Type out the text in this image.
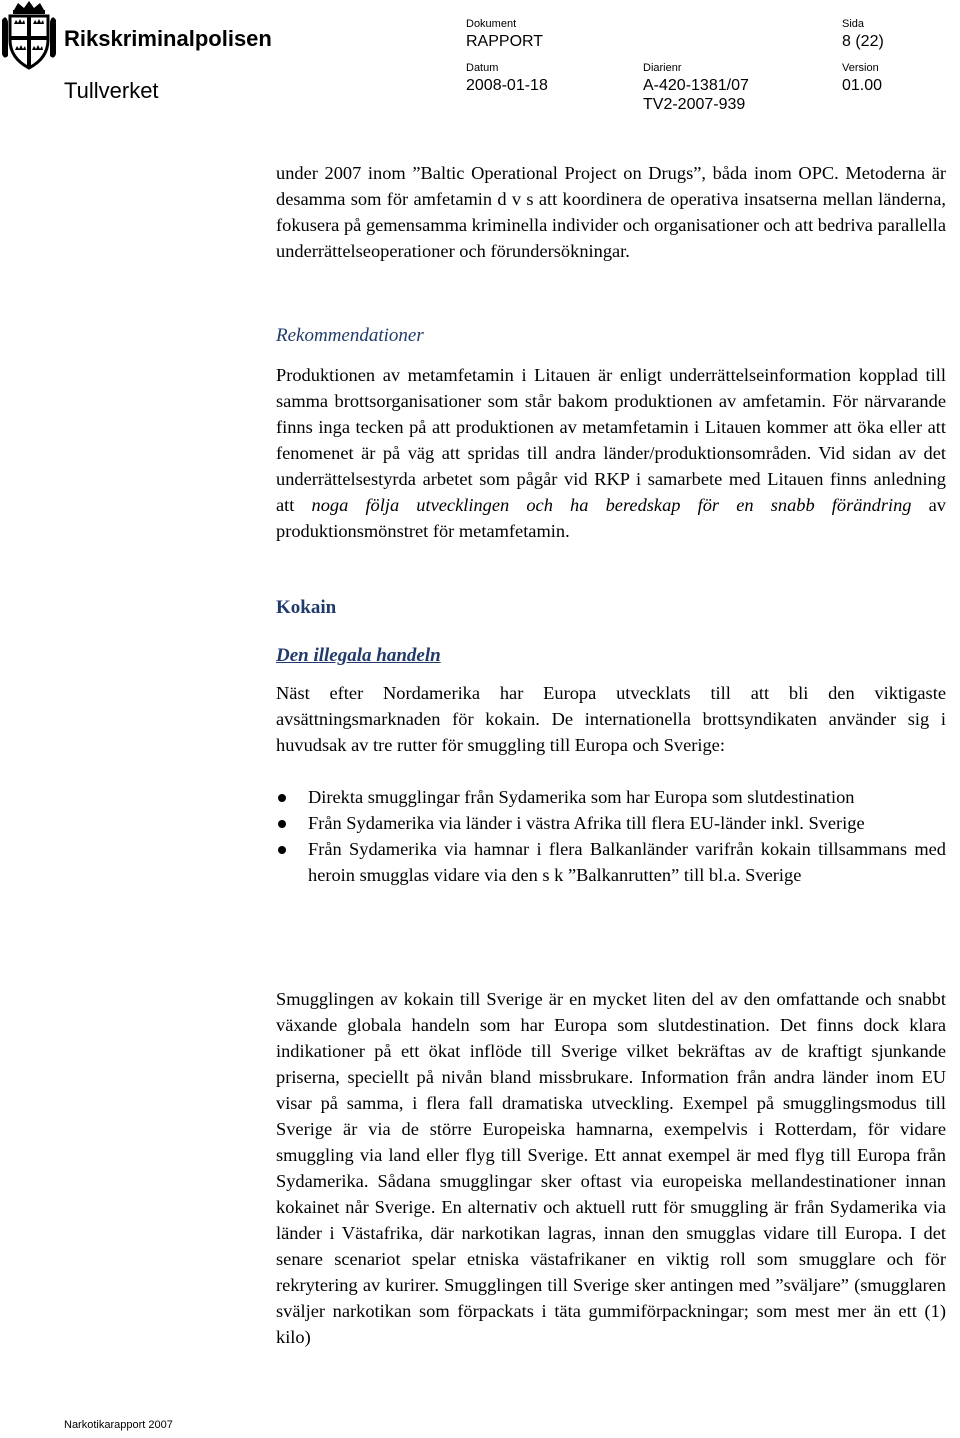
Rikskriminalpolisen
Tullverket
Dokument
RAPPORT
Sida
8 (22)
Datum
2008-01-18
Diarienr
A-420-1381/07
TV2-2007-939
Version
01.00

under 2007 inom ”Baltic Operational Project on Drugs”, båda inom OPC. Metoderna är desamma som för amfetamin d v s att koordinera de operativa insatserna mellan länderna, fokusera på gemensamma kriminella individer och organisationer och att bedriva parallella underrättelseoperationer och förundersökningar.

Rekommendationer

Produktionen av metamfetamin i Litauen är enligt underrättelseinformation kopplad till samma brottsorganisationer som står bakom produktionen av amfetamin. För närvarande finns inga tecken på att produktionen av metamfetamin i Litauen kommer att öka eller att fenomenet är på väg att spridas till andra länder/produktionsområden. Vid sidan av det underrättelsestyrda arbetet som pågår vid RKP i samarbete med Litauen finns anledning att noga följa utvecklingen och ha beredskap för en snabb förändring av produktionsmönstret för metamfetamin.

Kokain
Den illegala handeln

Näst efter Nordamerika har Europa utvecklats till att bli den viktigaste avsättningsmarknaden för kokain. De internationella brottsyndikaten använder sig i huvudsak av tre rutter för smuggling till Europa och Sverige:

Direkta smugglingar från Sydamerika som har Europa som slutdestination
Från Sydamerika via länder i västra Afrika till flera EU-länder inkl. Sverige
Från Sydamerika via hamnar i flera Balkanländer varifrån kokain tillsammans med heroin smugglas vidare via den s k ”Balkanrutten” till bl.a. Sverige

Smugglingen av kokain till Sverige är en mycket liten del av den omfattande och snabbt växande globala handeln som har Europa som slutdestination. Det finns dock klara indikationer på ett ökat inflöde till Sverige vilket bekräftas av de kraftigt sjunkande priserna, speciellt på nivån bland missbrukare. Information från andra länder inom EU visar på samma, i flera fall dramatiska utveckling. Exempel på smugglingsmodus till Sverige är via de större Europeiska hamnarna, exempelvis i Rotterdam, för vidare smuggling via land eller flyg till Sverige. Ett annat exempel är med flyg till Europa från Sydamerika. Sådana smugglingar sker oftast via europeiska mellandestinationer innan kokainet når Sverige. En alternativ och aktuell rutt för smuggling är från Sydamerika via länder i Västafrika, där narkotikan lagras, innan den smugglas vidare till Europa. I det senare scenariot spelar etniska västafrikaner en viktig roll som smugglare och för rekrytering av kurirer. Smugglingen till Sverige sker antingen med ”sväljare” (smugglaren sväljer narkotikan som förpackats i täta gummiförpackningar; som mest mer än ett (1) kilo)

Narkotikarapport 2007
